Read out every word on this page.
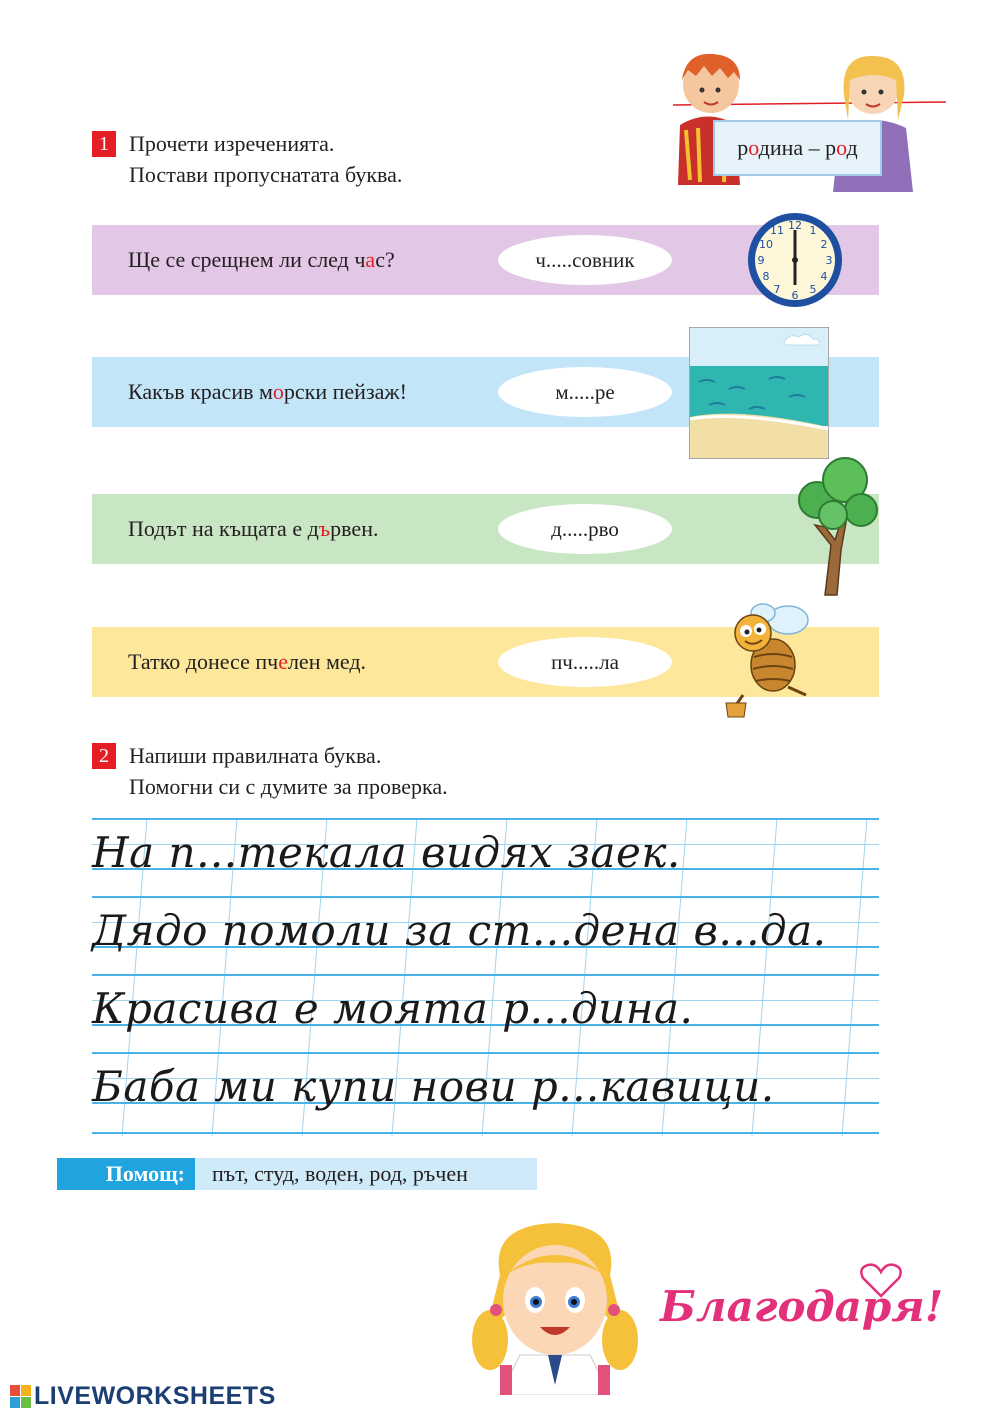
родина – род
1 Прочети изреченията.
Постави пропуснатата буква.
Ще се срещнем ли след час?	ч.....совник
12 1
2
3
4
5
6
7
8
9
10
11
Какъв красив морски пейзаж!	м.....ре
Подът на къщата е дървен.	д.....рво
Татко донесе пчелен мед.	пч.....ла
2 Напиши правилната буква.
Помогни си с думите за проверка.
На п...текала видях заек.
Дядо помоли за ст...дена в...да.
Красива е моята р...дина.
Баба ми купи нови р...кавици.
Помощ:	път, студ, воден, род, ръчен
Благодаря!
LIVEWORKSHEETS
